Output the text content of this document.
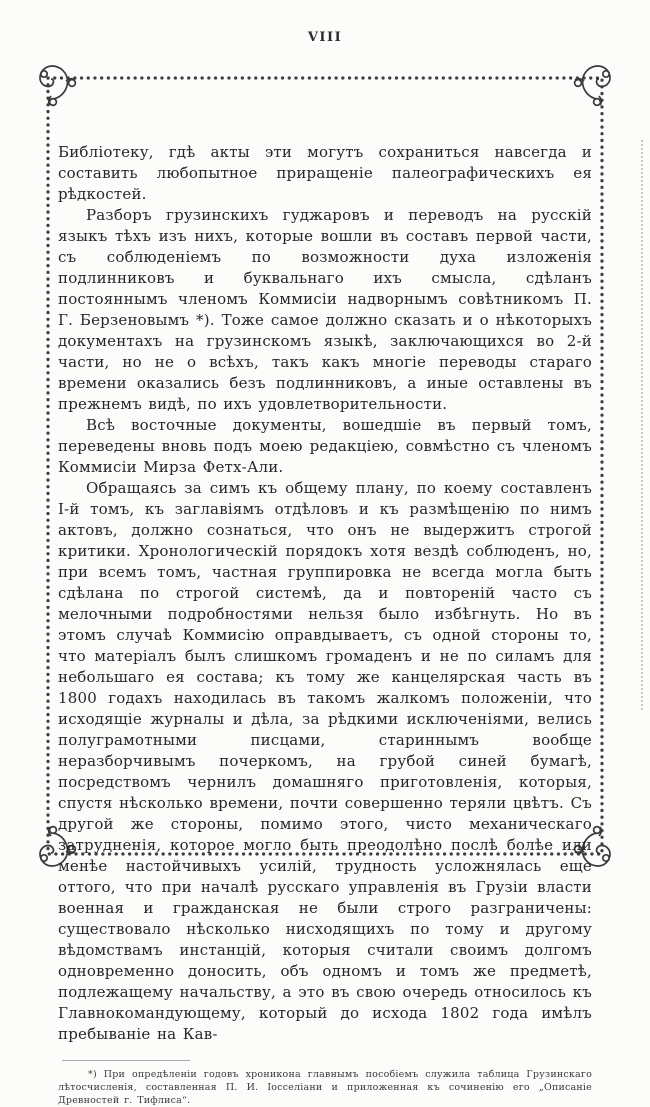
VIII

Библіотеку, гдѣ акты эти могутъ сохраниться навсегда и составить любопытное приращеніе палеографическихъ ея рѣдкостей.

Разборъ грузинскихъ гуджаровъ и переводъ на русскій языкъ тѣхъ изъ нихъ, которые вошли въ составъ первой части, съ соблюденіемъ по возможности духа изложенія подлинниковъ и буквальнаго ихъ смысла, сдѣланъ постояннымъ членомъ Коммисіи надворнымъ совѣтникомъ П. Г. Берзеновымъ *). Тоже самое должно сказать и о нѣкоторыхъ документахъ на грузинскомъ языкѣ, заключающихся во 2-й части, но не о всѣхъ, такъ какъ многіе переводы стараго времени оказались безъ подлинниковъ, а иные оставлены въ прежнемъ видѣ, по ихъ удовлетворительности.

Всѣ восточные документы, вошедшіе въ первый томъ, переведены вновь подъ моею редакціею, совмѣстно съ членомъ Коммисіи Мирза Фетх-Али.

Обращаясь за симъ къ общему плану, по коему составленъ I-й томъ, къ заглавіямъ отдѣловъ и къ размѣщенію по нимъ актовъ, должно сознаться, что онъ не выдержитъ строгой критики. Хронологическій порядокъ хотя вездѣ соблюденъ, но, при всемъ томъ, частная группировка не всегда могла быть сдѣлана по строгой системѣ, да и повтореній часто съ мелочными подробностями нельзя было избѣгнуть. Но въ этомъ случаѣ Коммисію оправдываетъ, съ одной стороны то, что матеріалъ былъ слишкомъ громаденъ и не по силамъ для небольшаго ея состава; къ тому же канцелярская часть въ 1800 годахъ находилась въ такомъ жалкомъ положеніи, что исходящіе журналы и дѣла, за рѣдкими исключеніями, велись полуграмотными писцами, стариннымъ вообще неразборчивымъ почеркомъ, на грубой синей бумагѣ, посредствомъ чернилъ домашняго приготовленія, которыя, спустя нѣсколько времени, почти совершенно теряли цвѣтъ. Съ другой же стороны, помимо этого, чисто механическаго затрудненія, которое могло быть преодолѣно послѣ болѣе или менѣе настойчивыхъ усилій, трудность усложнялась еще оттого, что при началѣ русскаго управленія въ Грузіи власти военная и гражданская не были строго разграничены: существовало нѣсколько нисходящихъ по тому и другому вѣдомствамъ инстанцій, которыя считали своимъ долгомъ одновременно доносить, объ одномъ и томъ же предметѣ, подлежащему начальству, а это въ свою очередь относилось къ Главнокомандующему, который до исхода 1802 года имѣлъ пребываніе на Кав-

*) При опредѣленіи годовъ хроникона главнымъ пособіемъ служила таблица Грузинскаго лѣтосчисленія, составленная П. И. Іосселіани и приложенная къ сочиненію его „Описаніе Древностей г. Тифлиса“.
